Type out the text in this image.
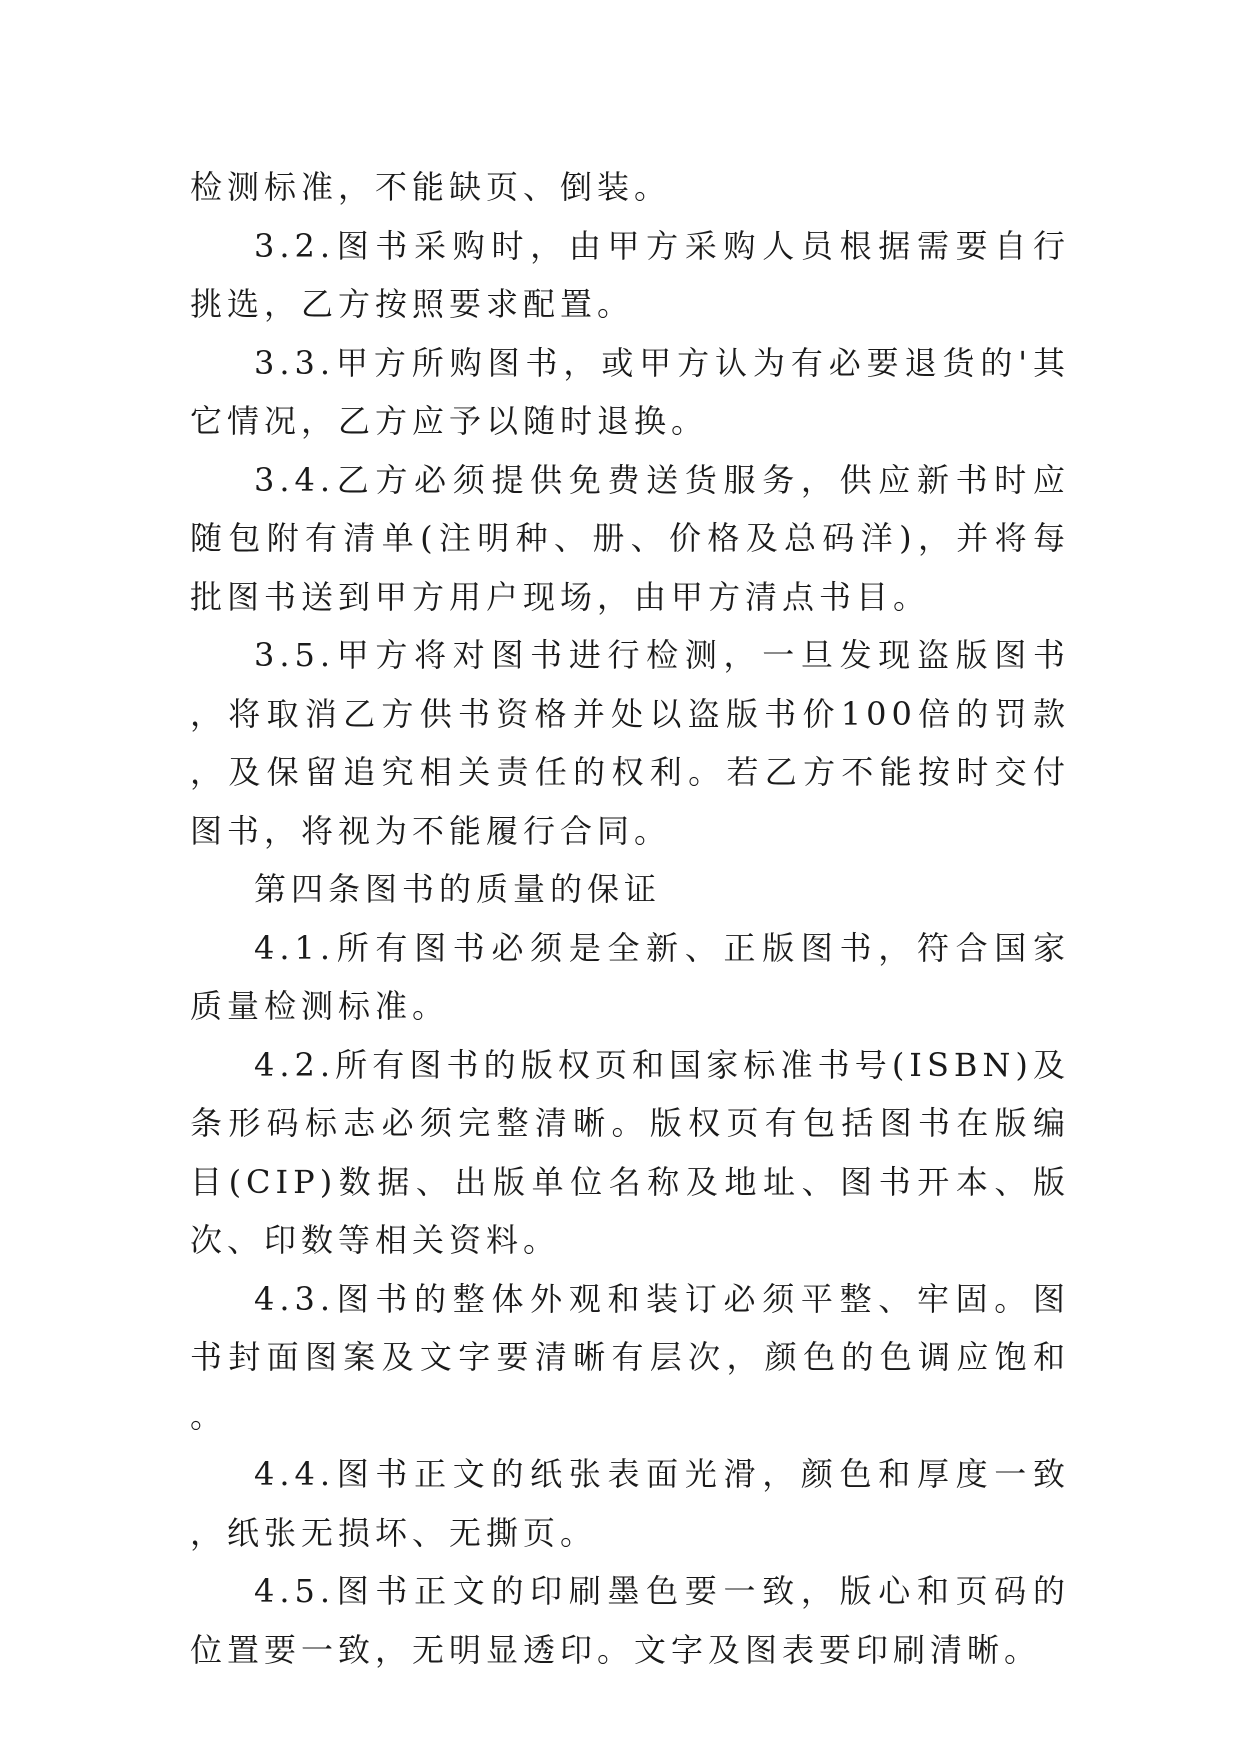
检测标准，不能缺页、倒装。

3.2.图书采购时，由甲方采购人员根据需要自行挑选，乙方按照要求配置。

3.3.甲方所购图书，或甲方认为有必要退货的'其它情况，乙方应予以随时退换。

3.4.乙方必须提供免费送货服务，供应新书时应随包附有清单(注明种、册、价格及总码洋)，并将每批图书送到甲方用户现场，由甲方清点书目。

3.5.甲方将对图书进行检测，一旦发现盗版图书，将取消乙方供书资格并处以盗版书价100倍的罚款，及保留追究相关责任的权利。若乙方不能按时交付图书，将视为不能履行合同。

第四条图书的质量的保证

4.1.所有图书必须是全新、正版图书，符合国家质量检测标准。

4.2.所有图书的版权页和国家标准书号(ISBN)及条形码标志必须完整清晰。版权页有包括图书在版编目(CIP)数据、出版单位名称及地址、图书开本、版次、印数等相关资料。

4.3.图书的整体外观和装订必须平整、牢固。图书封面图案及文字要清晰有层次，颜色的色调应饱和。

4.4.图书正文的纸张表面光滑，颜色和厚度一致，纸张无损坏、无撕页。

4.5.图书正文的印刷墨色要一致，版心和页码的位置要一致，无明显透印。文字及图表要印刷清晰。
